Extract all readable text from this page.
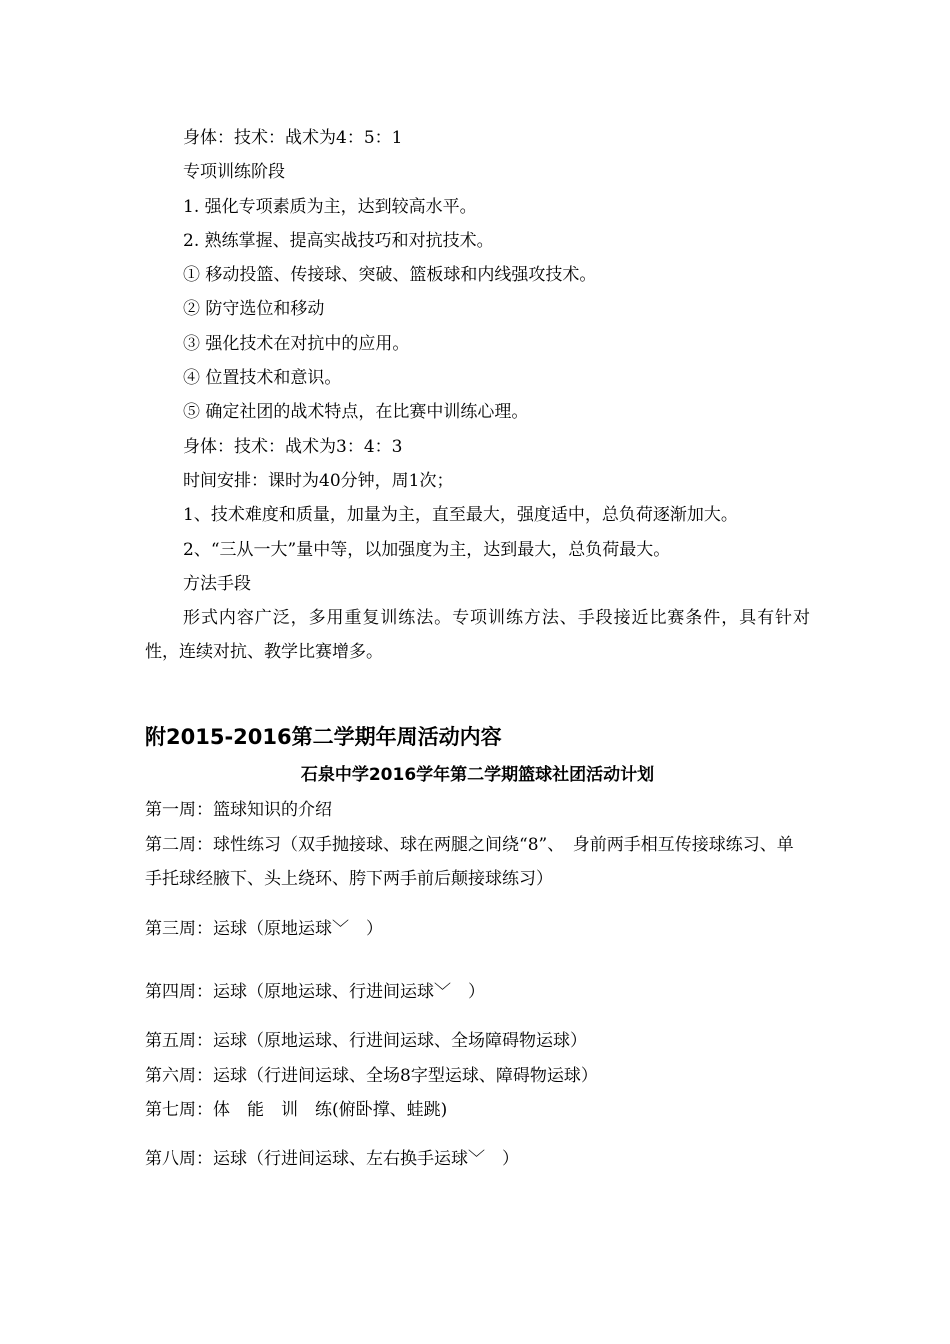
身体：技术：战术为4：5：1
专项训练阶段
1. 强化专项素质为主，达到较高水平。
2. 熟练掌握、提高实战技巧和对抗技术。
① 移动投篮、传接球、突破、篮板球和内线强攻技术。
② 防守选位和移动
③ 强化技术在对抗中的应用。
④ 位置技术和意识。
⑤ 确定社团的战术特点，在比赛中训练心理。
身体：技术：战术为3：4：3
时间安排：课时为40分钟，周1次；
1、技术难度和质量，加量为主，直至最大，强度适中，总负荷逐渐加大。
2、“三从一大”量中等，以加强度为主，达到最大，总负荷最大。
方法手段
形式内容广泛，多用重复训练法。专项训练方法、手段接近比赛条件，具有针对性，连续对抗、教学比赛增多。
附2015-2016第二学期年周活动内容
石泉中学2016学年第二学期篮球社团活动计划
第一周：篮球知识的介绍
第二周：球性练习（双手抛接球、球在两腿之间绕“8”、　身前两手相互传接球练习、单手托球经腋下、头上绕环、胯下两手前后颠接球练习）
第三周：运球（原地运球﹀　）
第四周：运球（原地运球、行进间运球﹀　）
第五周：运球（原地运球、行进间运球、全场障碍物运球）
第六周：运球（行进间运球、全场8字型运球、障碍物运球）
第七周：体　能　训　练(俯卧撑、蛙跳)
第八周：运球（行进间运球、左右换手运球﹀　）
